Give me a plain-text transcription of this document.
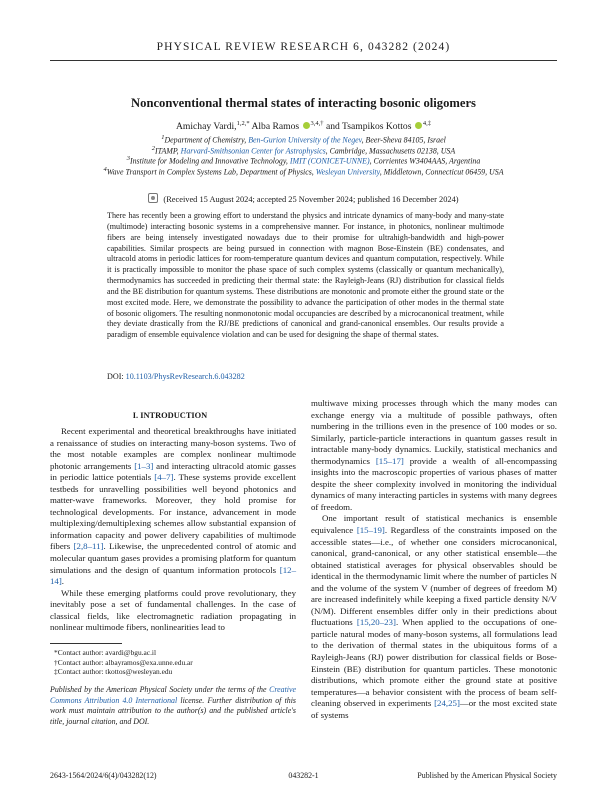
PHYSICAL REVIEW RESEARCH 6, 043282 (2024)
Nonconventional thermal states of interacting bosonic oligomers
Amichay Vardi,$^{1,2,*}$ Alba Ramos $^{3,4,\dagger}$ and Tsampikos Kottos $^{4,\ddagger}$
$^1$Department of Chemistry, Ben-Gurion University of the Negev, Beer-Sheva 84105, Israel
$^2$ITAMP, Harvard-Smithsonian Center for Astrophysics, Cambridge, Massachusetts 02138, USA
$^3$Institute for Modeling and Innovative Technology, IMIT (CONICET-UNNE), Corrientes W3404AAS, Argentina
$^4$Wave Transport in Complex Systems Lab, Department of Physics, Wesleyan University, Middletown, Connecticut 06459, USA
(Received 15 August 2024; accepted 25 November 2024; published 16 December 2024)

There has recently been a growing effort to understand the physics and intricate dynamics of many-body and many-state (multimode) interacting bosonic systems in a comprehensive manner. For instance, in photonics, nonlinear multimode fibers are being intensely investigated nowadays due to their promise for ultrahigh-bandwidth and high-power capabilities. Similar prospects are being pursued in connection with magnon Bose-Einstein (BE) condensates, and ultracold atoms in periodic lattices for room-temperature quantum devices and quantum computation, respectively. While it is practically impossible to monitor the phase space of such complex systems (classically or quantum mechanically), thermodynamics has succeeded in predicting their thermal state: the Rayleigh-Jeans (RJ) distribution for classical fields and the BE distribution for quantum systems. These distributions are monotonic and promote either the ground state or the most excited mode. Here, we demonstrate the possibility to advance the participation of other modes in the thermal state of bosonic oligomers. The resulting nonmonotonic modal occupancies are described by a microcanonical treatment, while they deviate drastically from the RJ/BE predictions of canonical and grand-canonical ensembles. Our results provide a paradigm of ensemble equivalence violation and can be used for designing the shape of thermal states.

DOI: 10.1103/PhysRevResearch.6.043282
I. INTRODUCTION

Recent experimental and theoretical breakthroughs have initiated a renaissance of studies on interacting many-boson systems. Two of the most notable examples are complex nonlinear multimode photonic arrangements [1–3] and interacting ultracold atomic gasses in periodic lattice potentials [4–7]. These systems provide excellent testbeds for unravelling possibilities well beyond photonics and matter-wave frameworks. Moreover, they hold promise for technological developments. For instance, advancement in mode multiplexing/demultiplexing schemes allow substantial expansion of information capacity and power delivery capabilities of multimode fibers [2,8–11]. Likewise, the unprecedented control of atomic and molecular quantum gases provides a promising platform for quantum simulations and the design of quantum information protocols [12–14].

While these emerging platforms could prove revolutionary, they inevitably pose a set of fundamental challenges. In the case of classical fields, like electromagnetic radiation propagating in nonlinear multimode fibers, nonlinearities lead to

multiwave mixing processes through which the many modes can exchange energy via a multitude of possible pathways, often numbering in the trillions even in the presence of 100 modes or so. Similarly, particle-particle interactions in quantum gasses result in intractable many-body dynamics. Luckily, statistical mechanics and thermodynamics [15–17] provide a wealth of all-encompassing insights into the macroscopic properties of various phases of matter despite the sheer complexity involved in monitoring the individual dynamics of many interacting particles in systems with many degrees of freedom.

One important result of statistical mechanics is ensemble equivalence [15–19]. Regardless of the constraints imposed on the accessible states—i.e., of whether one considers microcanonical, canonical, grand-canonical, or any other statistical ensemble—the obtained statistical averages for physical observables should be identical in the thermodynamic limit where the number of particles N and the volume of the system V (number of degrees of freedom M) are increased indefinitely while keeping a fixed particle density N/V (N/M). Different ensembles differ only in their predictions about fluctuations [15,20–23]. When applied to the occupations of one-particle natural modes of many-boson systems, all formulations lead to the derivation of thermal states in the ubiquitous forms of a Rayleigh-Jeans (RJ) power distribution for classical fields or Bose-Einstein (BE) distribution for quantum particles. These monotonic distributions, which promote either the ground state at positive temperatures—a behavior consistent with the process of beam self-cleaning observed in experiments [24,25]—or the most excited state of systems

*Contact author: avardi@bgu.ac.il
†Contact author: albayramos@exa.unne.edu.ar
‡Contact author: tkottos@wesleyan.edu

Published by the American Physical Society under the terms of the Creative Commons Attribution 4.0 International license. Further distribution of this work must maintain attribution to the author(s) and the published article's title, journal citation, and DOI.

2643-1564/2024/6(4)/043282(12)	043282-1	Published by the American Physical Society
